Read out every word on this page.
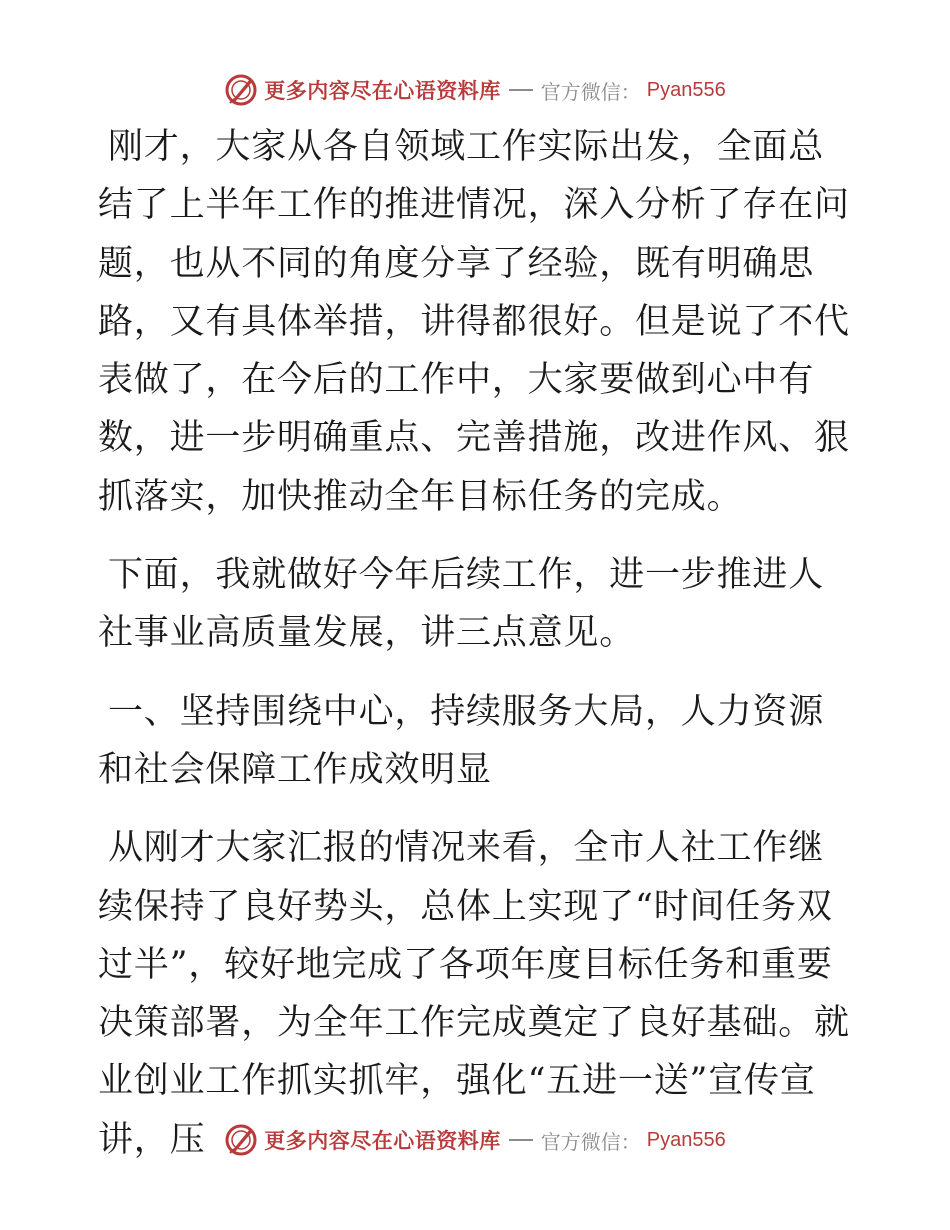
更多内容尽在心语资料库 官方微信： Pyan556

刚才，大家从各自领域工作实际出发，全面总结了上半年工作的推进情况，深入分析了存在问题，也从不同的角度分享了经验，既有明确思路，又有具体举措，讲得都很好。但是说了不代表做了，在今后的工作中，大家要做到心中有数，进一步明确重点、完善措施，改进作风、狠抓落实，加快推动全年目标任务的完成。

下面，我就做好今年后续工作，进一步推进人社事业高质量发展，讲三点意见。

一、坚持围绕中心，持续服务大局，人力资源和社会保障工作成效明显

从刚才大家汇报的情况来看，全市人社工作继续保持了良好势头，总体上实现了“时间任务双过半”，较好地完成了各项年度目标任务和重要决策部署，为全年工作完成奠定了良好基础。就业创业工作抓实抓牢，强化“五进一送”宣传宣讲，压	更多内容尽在心语资料库 官方微信： Pyan556
